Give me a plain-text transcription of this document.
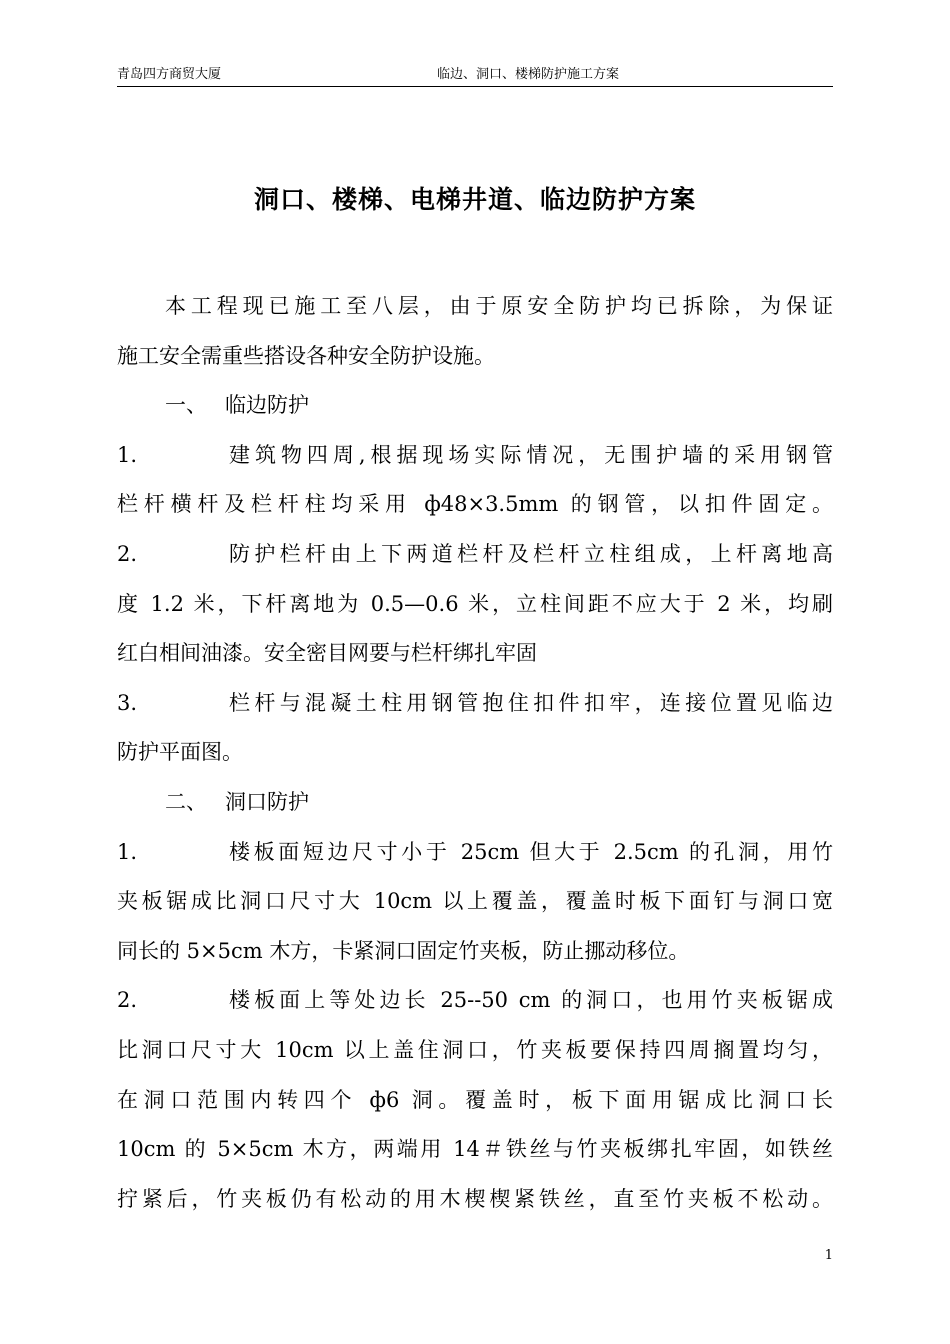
青岛四方商贸大厦	临边、洞口、楼梯防护施工方案
洞口、楼梯、电梯井道、临边防护方案
本工程现已施工至八层，由于原安全防护均已拆除，为保证
施工安全需重些搭设各种安全防护设施。
一、 临边防护
1.	建筑物四周,根据现场实际情况，无围护墙的采用钢管
栏杆横杆及栏杆柱均采用 ф48×3.5mm 的钢管，以扣件固定。
2.	防护栏杆由上下两道栏杆及栏杆立柱组成，上杆离地高
度 1.2 米，下杆离地为 0.5—0.6 米，立柱间距不应大于 2 米，均刷
红白相间油漆。安全密目网要与栏杆绑扎牢固
3.	栏杆与混凝土柱用钢管抱住扣件扣牢，连接位置见临边
防护平面图。
二、 洞口防护
1.	楼板面短边尺寸小于 25cm 但大于 2.5cm 的孔洞，用竹
夹板锯成比洞口尺寸大 10cm 以上覆盖，覆盖时板下面钉与洞口宽
同长的 5×5cm 木方，卡紧洞口固定竹夹板，防止挪动移位。
2.	楼板面上等处边长 25--50 cm 的洞口，也用竹夹板锯成
比洞口尺寸大 10cm 以上盖住洞口，竹夹板要保持四周搁置均匀，
在洞口范围内转四个 ф6 洞。覆盖时，板下面用锯成比洞口长
10cm 的 5×5cm 木方，两端用 14＃铁丝与竹夹板绑扎牢固，如铁丝
拧紧后，竹夹板仍有松动的用木楔楔紧铁丝，直至竹夹板不松动。
1
